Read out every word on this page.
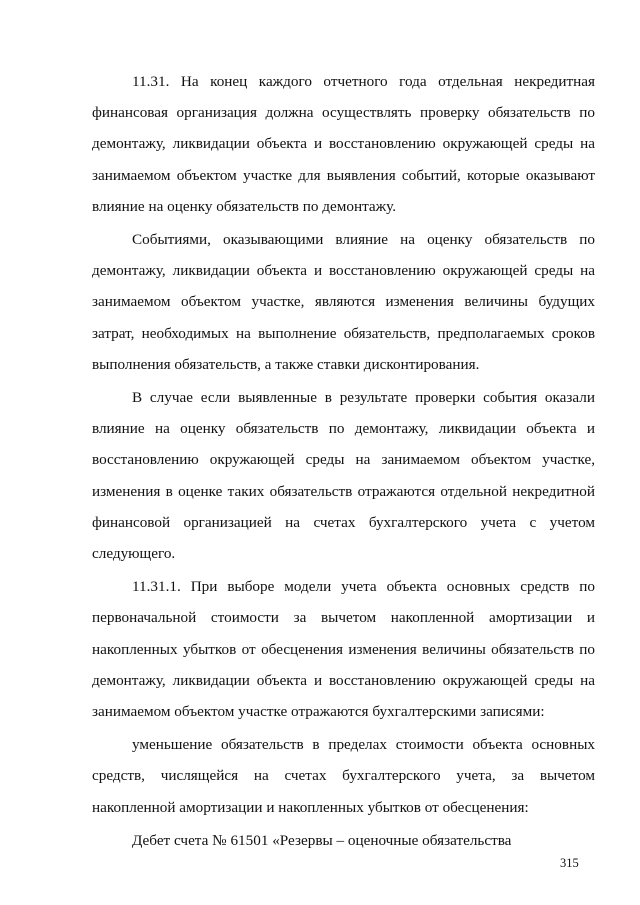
11.31. На конец каждого отчетного года отдельная некредитная финансовая организация должна осуществлять проверку обязательств по демонтажу, ликвидации объекта и восстановлению окружающей среды на занимаемом объектом участке для выявления событий, которые оказывают влияние на оценку обязательств по демонтажу.

Событиями, оказывающими влияние на оценку обязательств по демонтажу, ликвидации объекта и восстановлению окружающей среды на занимаемом объектом участке, являются изменения величины будущих затрат, необходимых на выполнение обязательств, предполагаемых сроков выполнения обязательств, а также ставки дисконтирования.

В случае если выявленные в результате проверки события оказали влияние на оценку обязательств по демонтажу, ликвидации объекта и восстановлению окружающей среды на занимаемом объектом участке, изменения в оценке таких обязательств отражаются отдельной некредитной финансовой организацией на счетах бухгалтерского учета с учетом следующего.

11.31.1. При выборе модели учета объекта основных средств по первоначальной стоимости за вычетом накопленной амортизации и накопленных убытков от обесценения изменения величины обязательств по демонтажу, ликвидации объекта и восстановлению окружающей среды на занимаемом объектом участке отражаются бухгалтерскими записями:

уменьшение обязательств в пределах стоимости объекта основных средств, числящейся на счетах бухгалтерского учета, за вычетом накопленной амортизации и накопленных убытков от обесценения:

Дебет счета № 61501 «Резервы – оценочные обязательства

315
